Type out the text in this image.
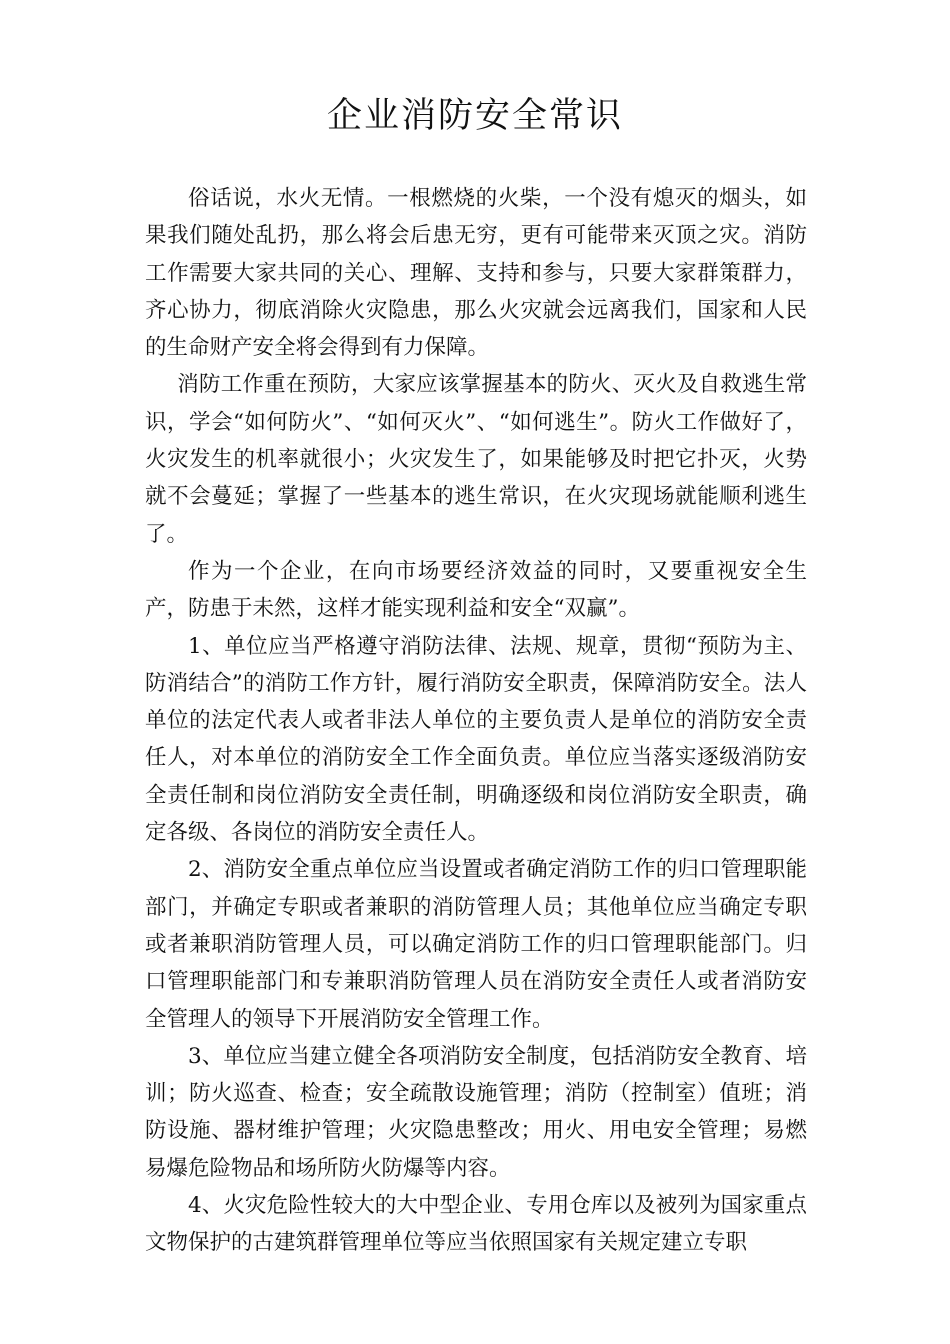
企业消防安全常识

俗话说，水火无情。一根燃烧的火柴，一个没有熄灭的烟头，如果我们随处乱扔，那么将会后患无穷，更有可能带来灭顶之灾。消防工作需要大家共同的关心、理解、支持和参与，只要大家群策群力，齐心协力，彻底消除火灾隐患，那么火灾就会远离我们，国家和人民的生命财产安全将会得到有力保障。

消防工作重在预防，大家应该掌握基本的防火、灭火及自救逃生常识，学会“如何防火”、“如何灭火”、“如何逃生”。防火工作做好了，火灾发生的机率就很小；火灾发生了，如果能够及时把它扑灭，火势就不会蔓延；掌握了一些基本的逃生常识，在火灾现场就能顺利逃生了。

作为一个企业，在向市场要经济效益的同时，又要重视安全生产，防患于未然，这样才能实现利益和安全“双赢”。

1、单位应当严格遵守消防法律、法规、规章，贯彻“预防为主、防消结合”的消防工作方针，履行消防安全职责，保障消防安全。法人单位的法定代表人或者非法人单位的主要负责人是单位的消防安全责任人，对本单位的消防安全工作全面负责。单位应当落实逐级消防安全责任制和岗位消防安全责任制，明确逐级和岗位消防安全职责，确定各级、各岗位的消防安全责任人。

2、消防安全重点单位应当设置或者确定消防工作的归口管理职能部门，并确定专职或者兼职的消防管理人员；其他单位应当确定专职或者兼职消防管理人员，可以确定消防工作的归口管理职能部门。归口管理职能部门和专兼职消防管理人员在消防安全责任人或者消防安全管理人的领导下开展消防安全管理工作。

3、单位应当建立健全各项消防安全制度，包括消防安全教育、培训；防火巡查、检查；安全疏散设施管理；消防（控制室）值班；消防设施、器材维护管理；火灾隐患整改；用火、用电安全管理；易燃易爆危险物品和场所防火防爆等内容。

4、火灾危险性较大的大中型企业、专用仓库以及被列为国家重点文物保护的古建筑群管理单位等应当依照国家有关规定建立专职
